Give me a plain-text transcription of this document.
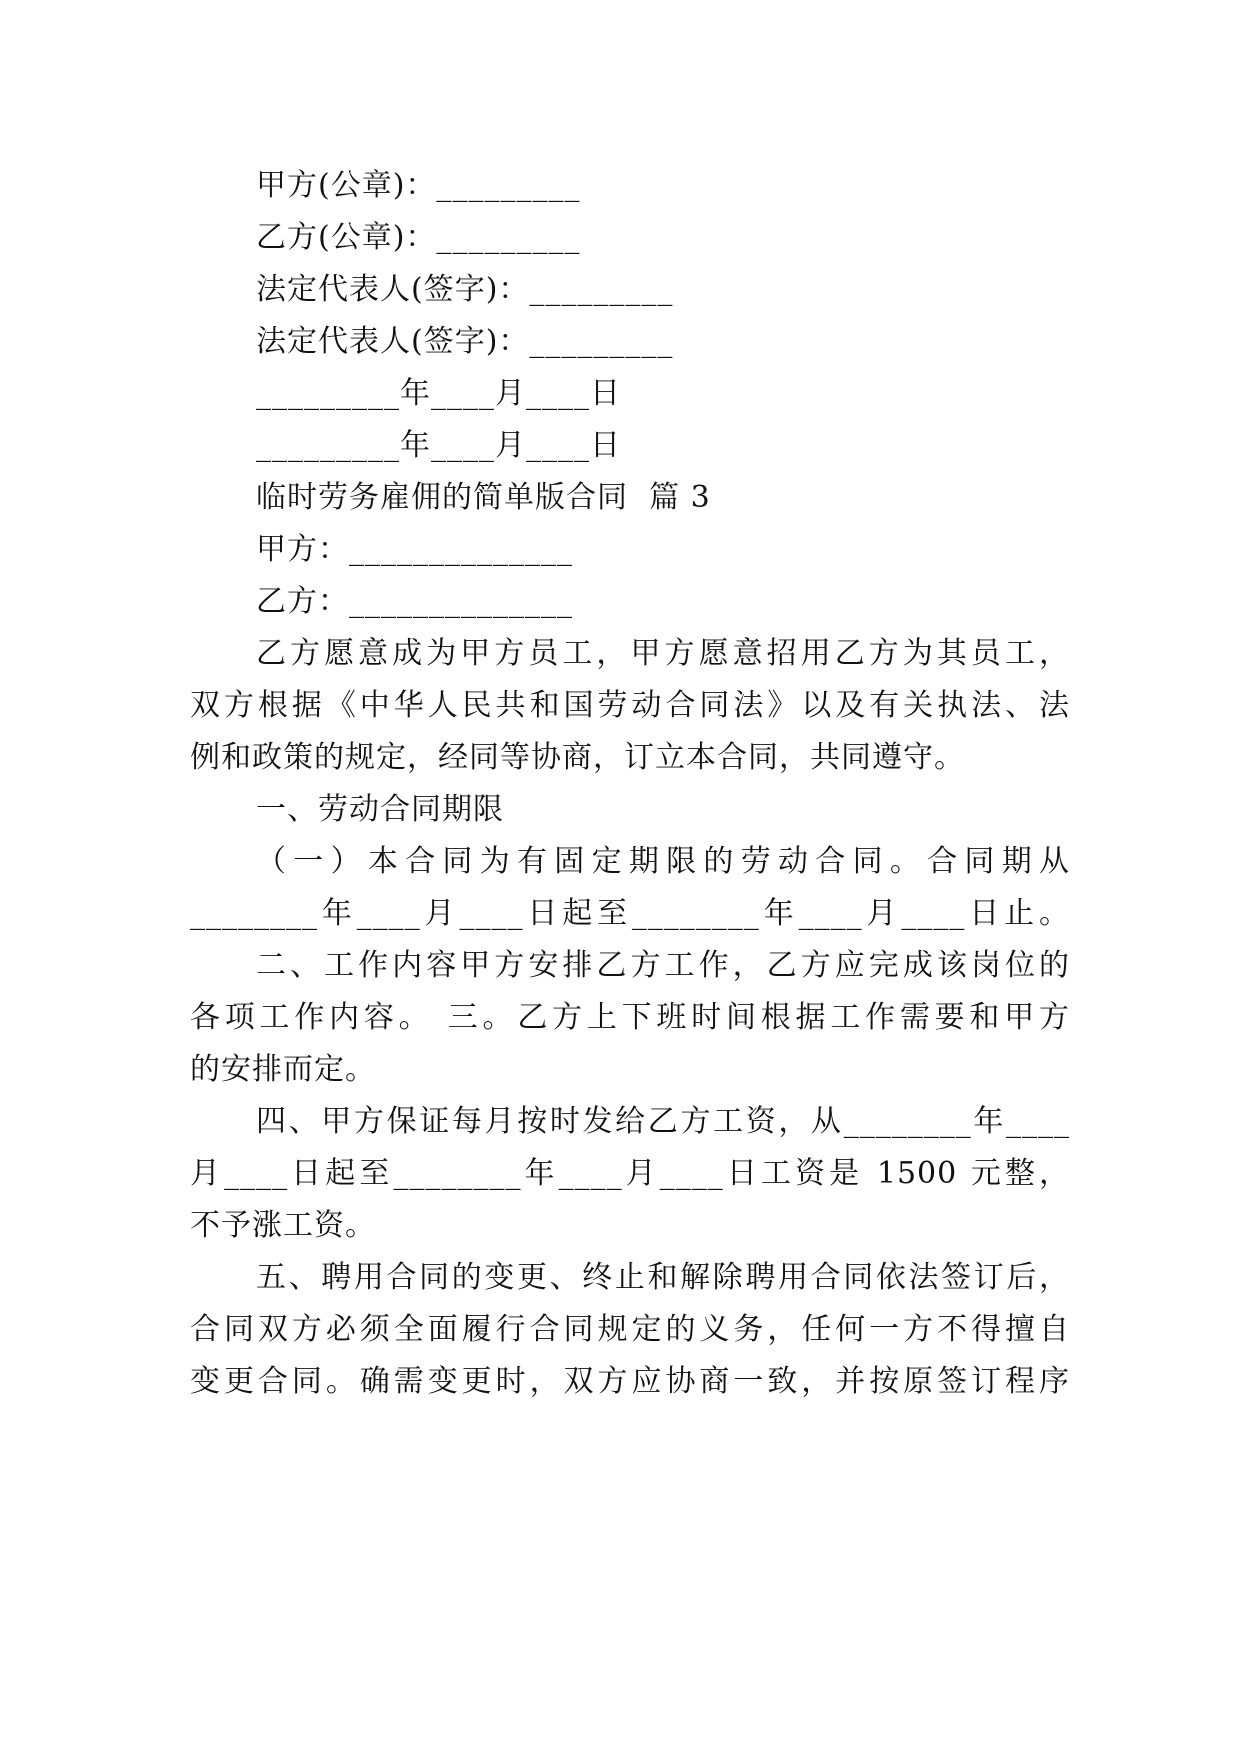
甲方(公章)：_________
乙方(公章)：_________
法定代表人(签字)：_________
法定代表人(签字)：_________
_________年____月____日
_________年____月____日
临时劳务雇佣的简单版合同  篇 3
甲方：______________
乙方：______________
乙方愿意成为甲方员工，甲方愿意招用乙方为其员工，
双方根据《中华人民共和国劳动合同法》以及有关执法、法
例和政策的规定，经同等协商，订立本合同，共同遵守。
一、劳动合同期限
（一）本合同为有固定期限的劳动合同。合同期从
________年____月____日起至________年____月____日止。
二、工作内容甲方安排乙方工作，乙方应完成该岗位的
各项工作内容。 三。乙方上下班时间根据工作需要和甲方
的安排而定。
四、甲方保证每月按时发给乙方工资，从________年____
月____日起至________年____月____日工资是 1500 元整，
不予涨工资。
五、聘用合同的变更、终止和解除聘用合同依法签订后，
合同双方必须全面履行合同规定的义务，任何一方不得擅自
变更合同。确需变更时，双方应协商一致，并按原签订程序
